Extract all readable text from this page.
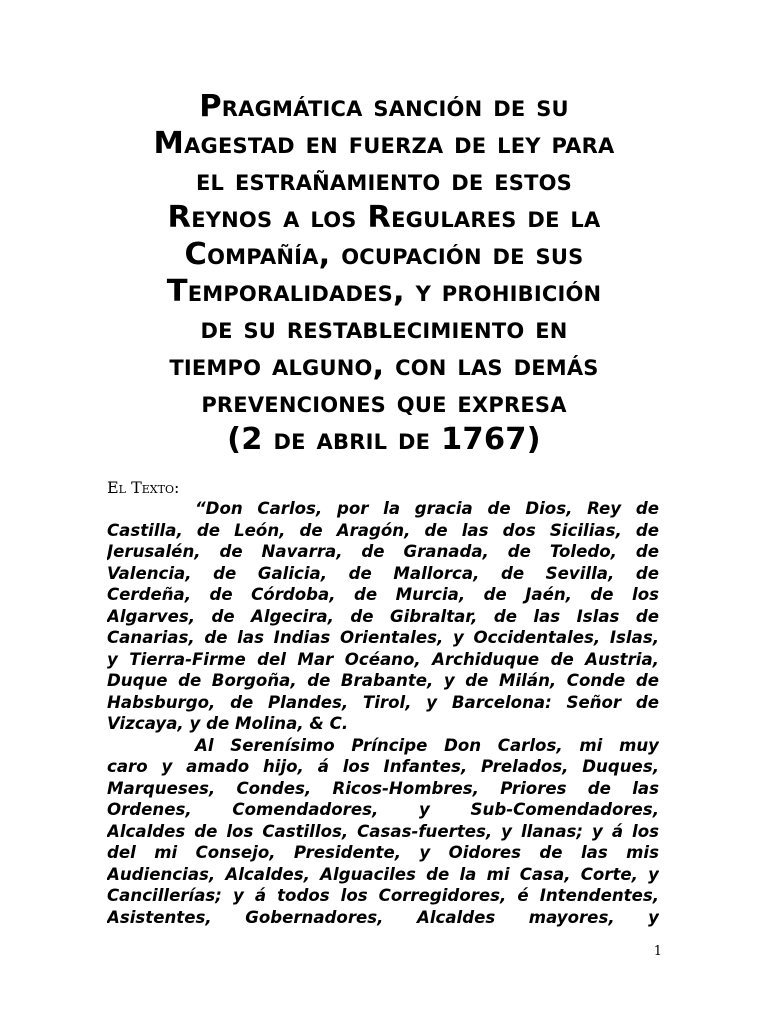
Pragmática sanción de su
Magestad en fuerza de ley para
el estrañamiento de estos
Reynos a los Regulares de la
Compañía, ocupación de sus
Temporalidades, y prohibición
de su restablecimiento en
tiempo alguno, con las demás
prevenciones que expresa
(2 de abril de 1767)

El Texto:

“Don Carlos, por la gracia de Dios, Rey de
Castilla, de León, de Aragón, de las dos Sicilias, de
Jerusalén, de Navarra, de Granada, de Toledo, de
Valencia, de Galicia, de Mallorca, de Sevilla, de
Cerdeña, de Córdoba, de Murcia, de Jaén, de los
Algarves, de Algecira, de Gibraltar, de las Islas de
Canarias, de las Indias Orientales, y Occidentales, Islas,
y Tierra-Firme del Mar Océano, Archiduque de Austria,
Duque de Borgoña, de Brabante, y de Milán, Conde de
Habsburgo, de Plandes, Tirol, y Barcelona: Señor de
Vizcaya, y de Molina, & C.
Al Serenísimo Príncipe Don Carlos, mi muy
caro y amado hijo, á los Infantes, Prelados, Duques,
Marqueses, Condes, Ricos-Hombres, Priores de las
Ordenes, Comendadores, y Sub-Comendadores,
Alcaldes de los Castillos, Casas-fuertes, y llanas; y á los
del mi Consejo, Presidente, y Oidores de las mis
Audiencias, Alcaldes, Alguaciles de la mi Casa, Corte, y
Cancillerías; y á todos los Corregidores, é Intendentes,
Asistentes, Gobernadores, Alcaldes mayores, y
1
